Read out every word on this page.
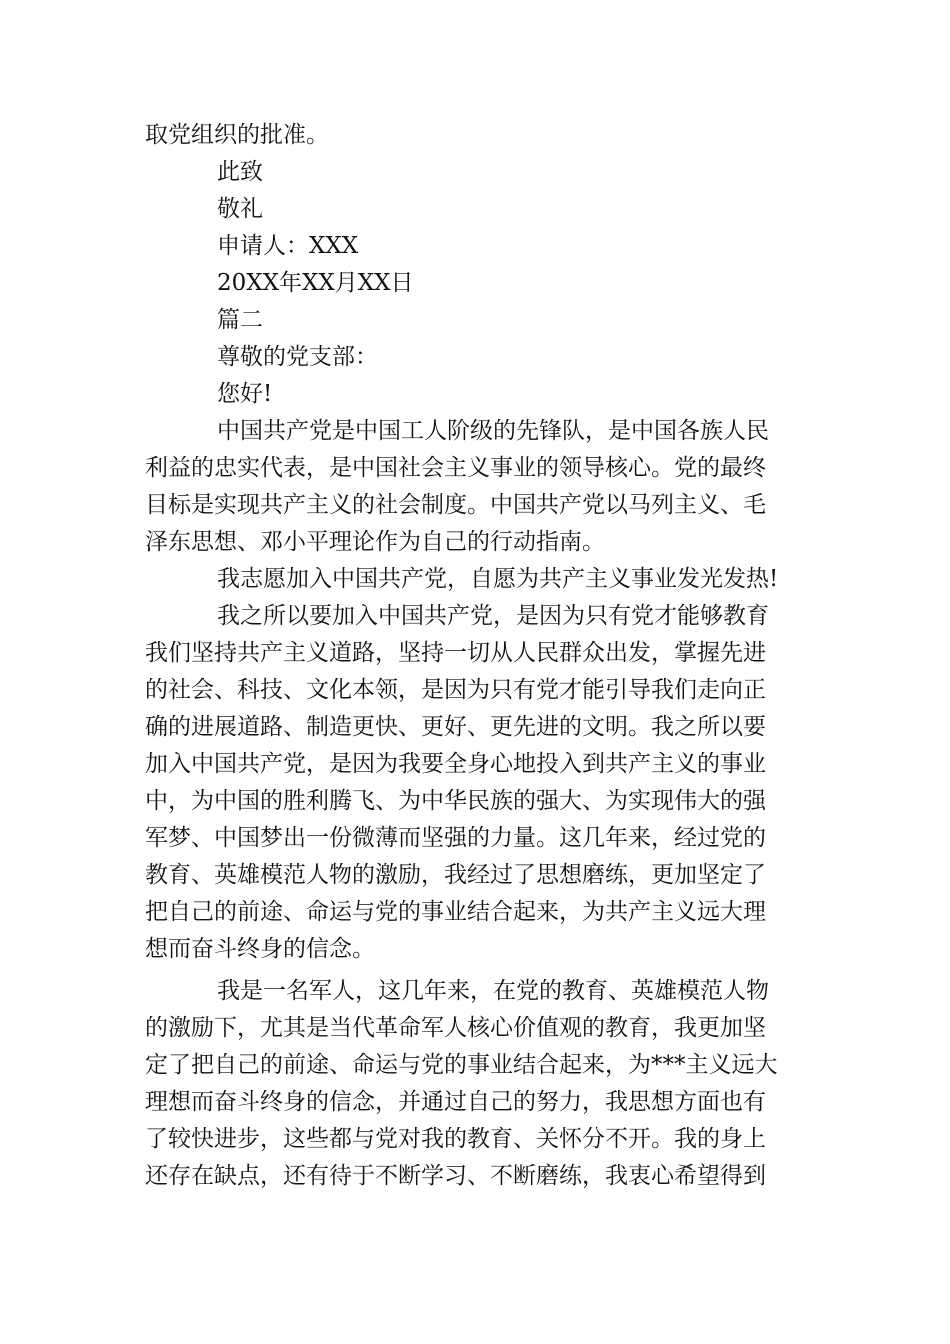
取党组织的批准。
此致
敬礼
申请人：XXX
20XX年XX月XX日
篇二
尊敬的党支部：
您好!
中国共产党是中国工人阶级的先锋队，是中国各族人民
利益的忠实代表，是中国社会主义事业的领导核心。党的最终
目标是实现共产主义的社会制度。中国共产党以马列主义、毛
泽东思想、邓小平理论作为自己的行动指南。
我志愿加入中国共产党，自愿为共产主义事业发光发热!
我之所以要加入中国共产党，是因为只有党才能够教育
我们坚持共产主义道路，坚持一切从人民群众出发，掌握先进
的社会、科技、文化本领，是因为只有党才能引导我们走向正
确的进展道路、制造更快、更好、更先进的文明。我之所以要
加入中国共产党，是因为我要全身心地投入到共产主义的事业
中，为中国的胜利腾飞、为中华民族的强大、为实现伟大的强
军梦、中国梦出一份微薄而坚强的力量。这几年来，经过党的
教育、英雄模范人物的激励，我经过了思想磨练，更加坚定了
把自己的前途、命运与党的事业结合起来，为共产主义远大理
想而奋斗终身的信念。
我是一名军人，这几年来，在党的教育、英雄模范人物
的激励下，尤其是当代革命军人核心价值观的教育，我更加坚
定了把自己的前途、命运与党的事业结合起来，为***主义远大
理想而奋斗终身的信念，并通过自己的努力，我思想方面也有
了较快进步，这些都与党对我的教育、关怀分不开。我的身上
还存在缺点，还有待于不断学习、不断磨练，我衷心希望得到
